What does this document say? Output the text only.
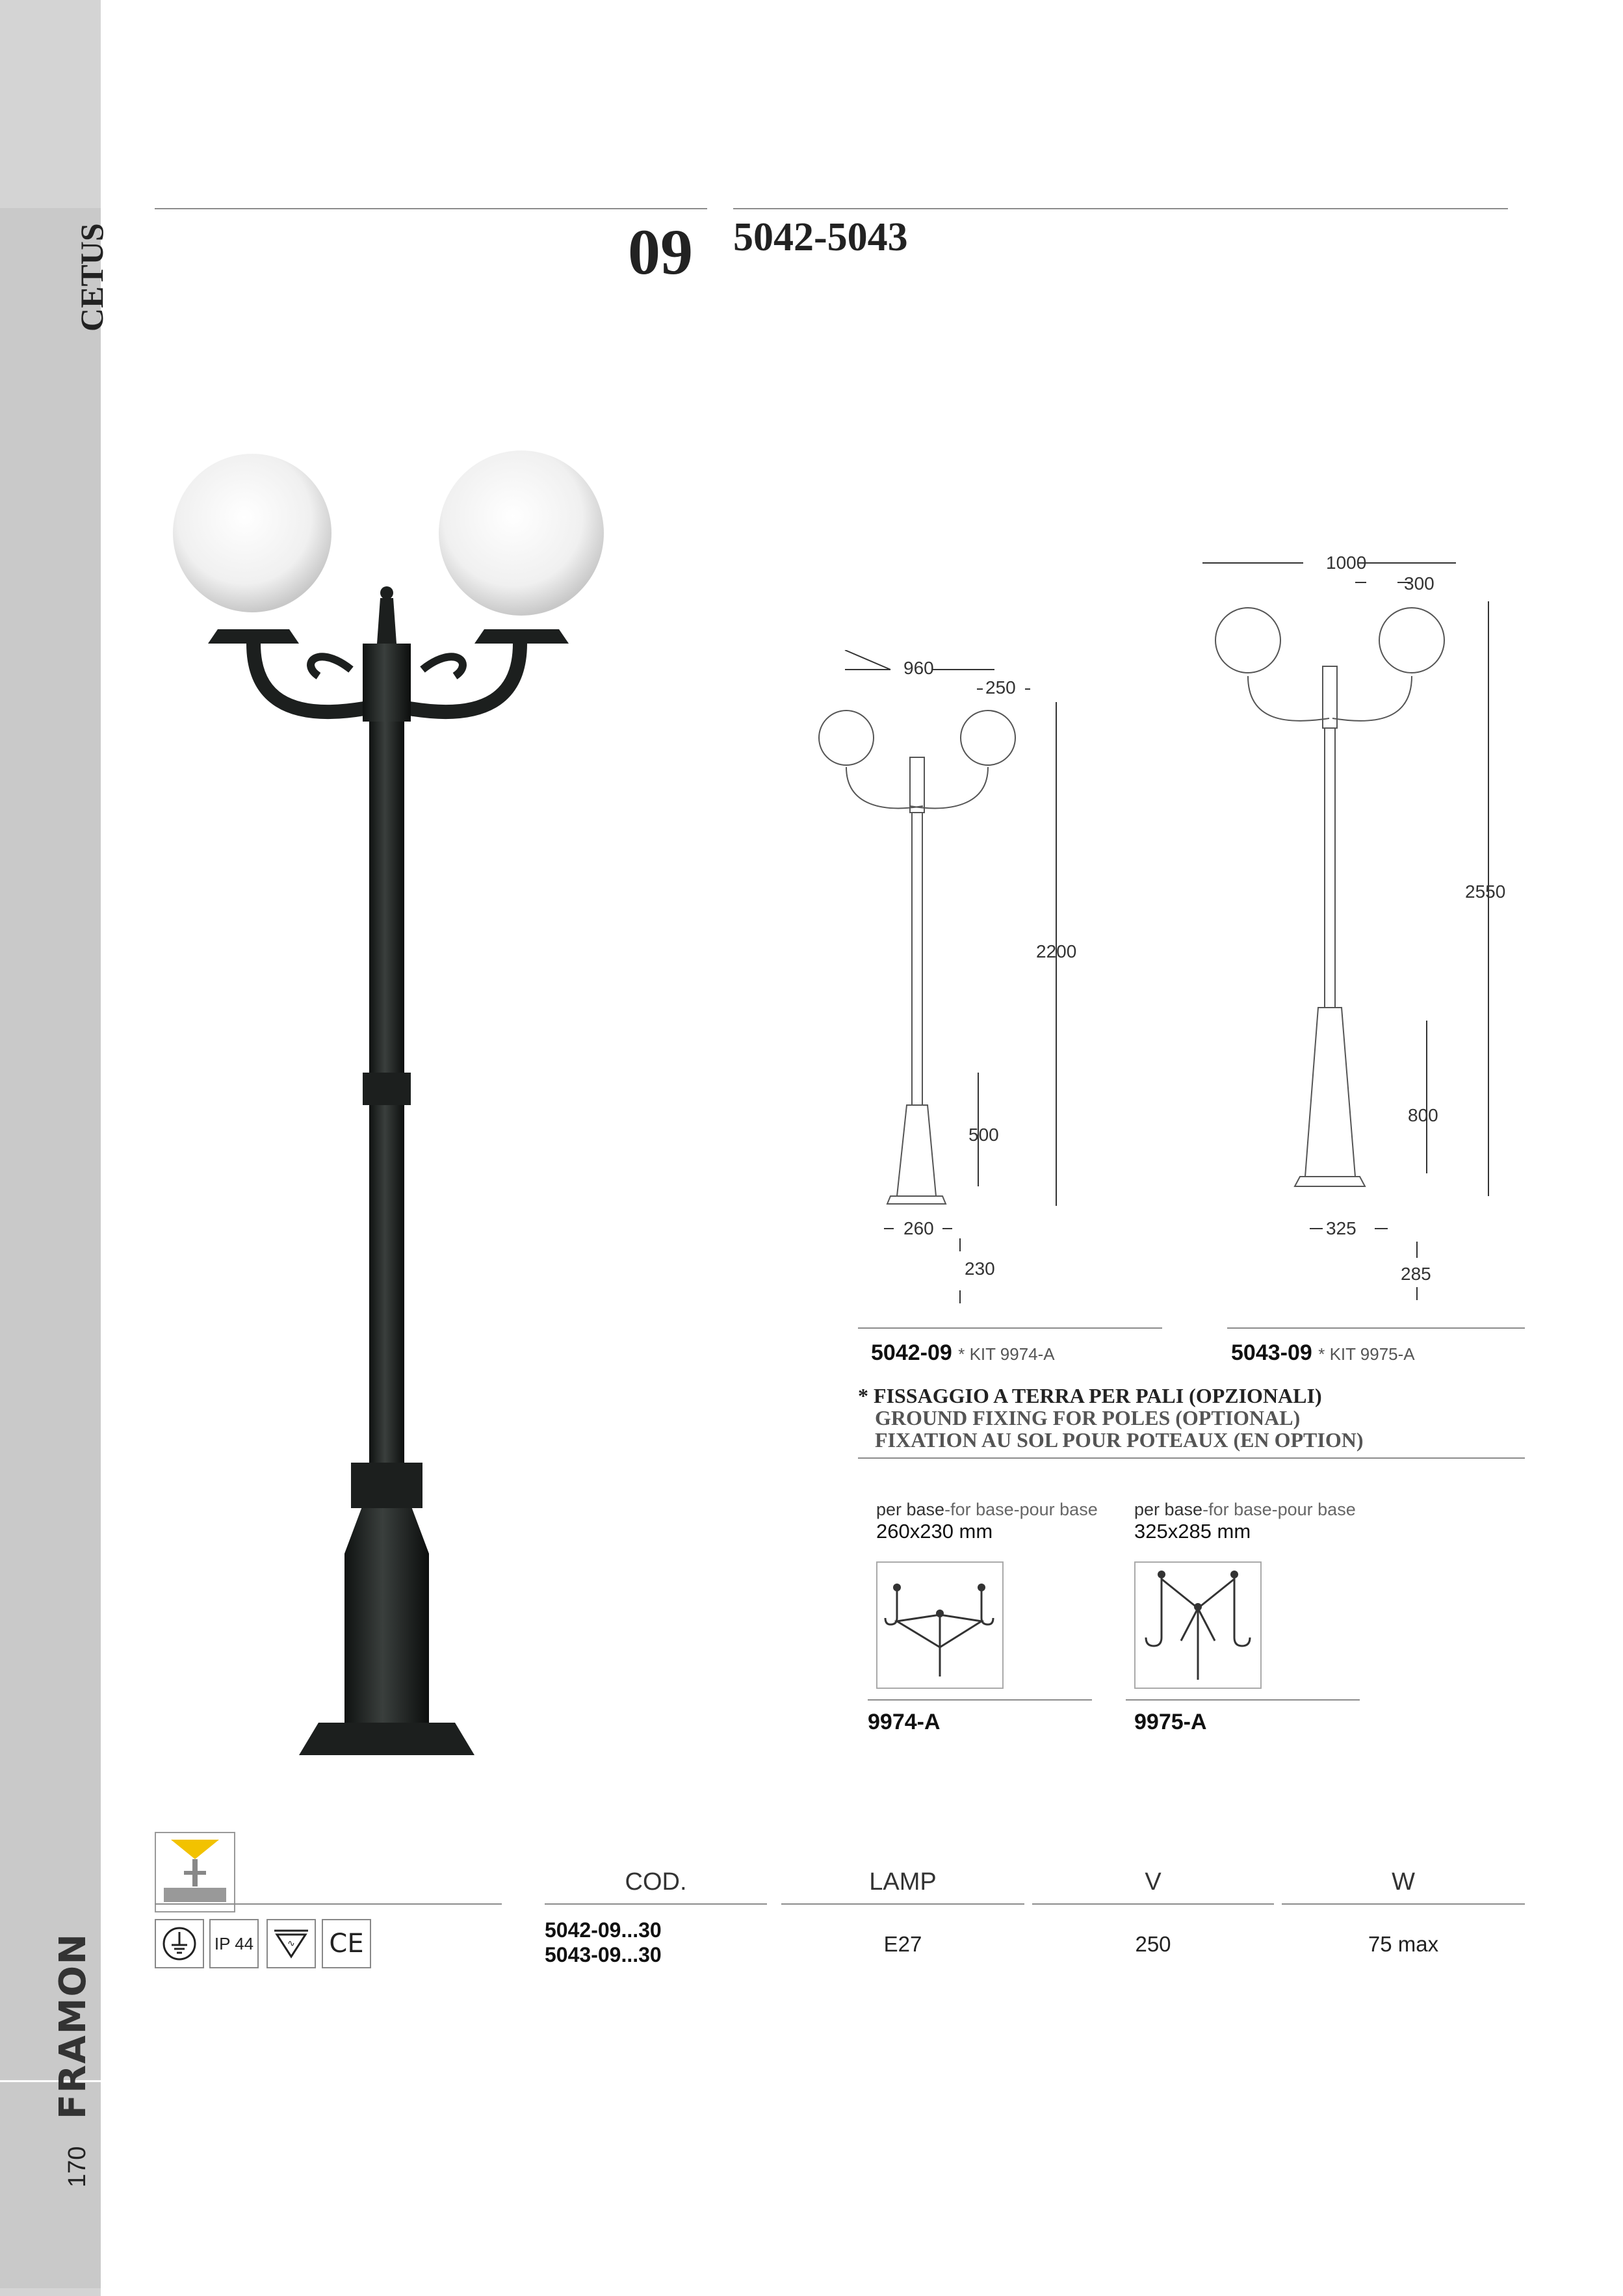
CETUS
FRAMON
170
09 5042-5043
960
250
2200
500
260
230
1000
300
2550
800
325
285
5042-09 * KIT 9974-A	5043-09 * KIT 9975-A
* FISSAGGIO A TERRA PER PALI (OPZIONALI)
GROUND FIXING FOR POLES (OPTIONAL)
FIXATION AU SOL POUR POTEAUX (EN OPTION)
per base-for base-pour base
260x230 mm
9974-A
per base-for base-pour base
325x285 mm
9975-A
COD.	LAMP	V	W
5042-09...30
5043-09...30	E27	250	75 max
IP 44	∿ CE
